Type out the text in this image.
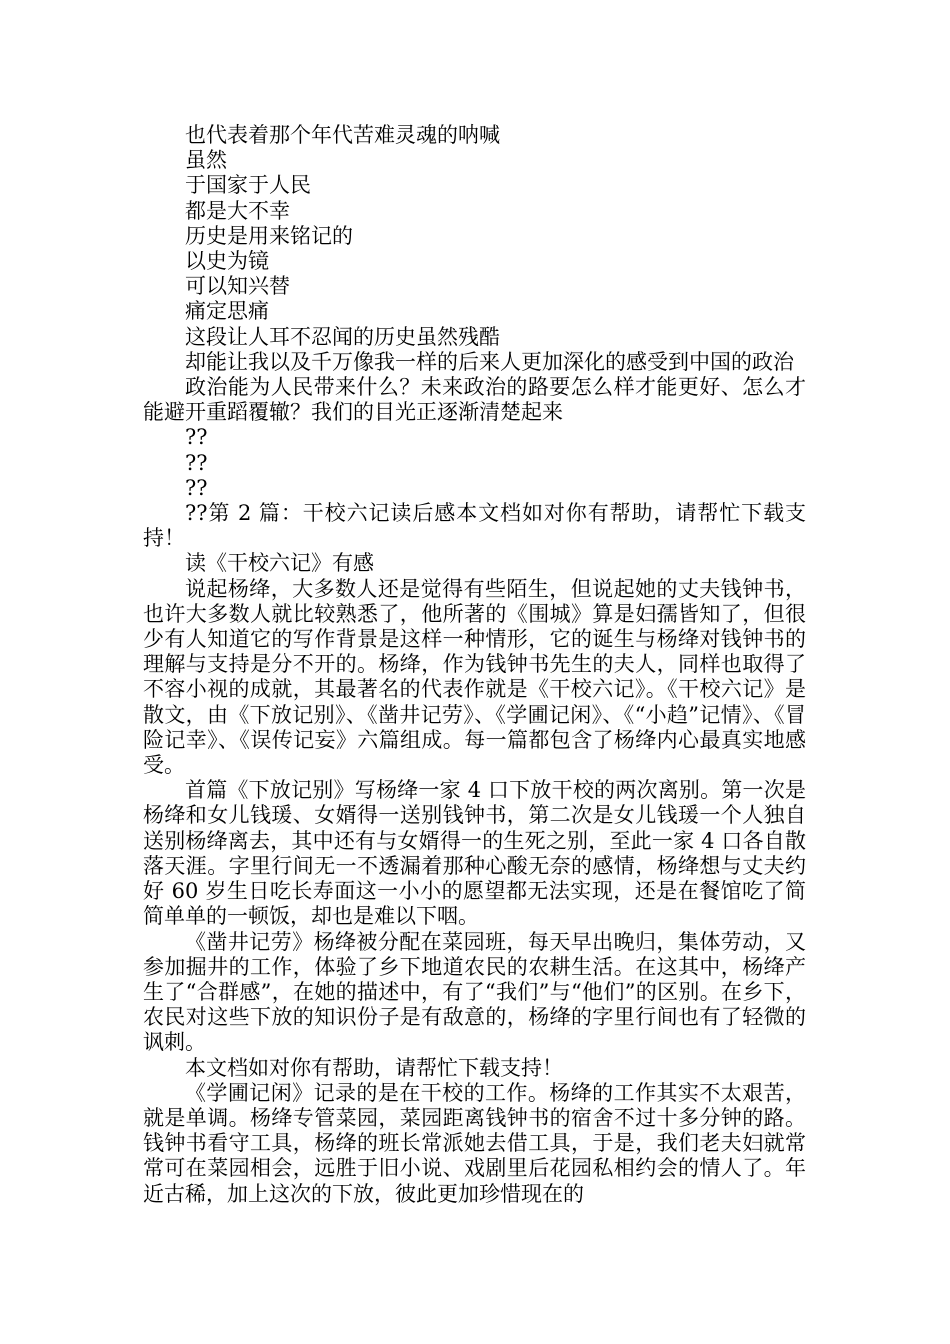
也代表着那个年代苦难灵魂的呐喊

虽然

于国家于人民

都是大不幸

历史是用来铭记的

以史为镜

可以知兴替

痛定思痛

这段让人耳不忍闻的历史虽然残酷

却能让我以及千万像我一样的后来人更加深化的感受到中国的政治

政治能为人民带来什么？未来政治的路要怎么样才能更好、怎么才能避开重蹈覆辙？我们的目光正逐渐清楚起来

??

??

??

??第 2 篇：干校六记读后感本文档如对你有帮助，请帮忙下载支持！

读《干校六记》有感

说起杨绛，大多数人还是觉得有些陌生，但说起她的丈夫钱钟书，也许大多数人就比较熟悉了，他所著的《围城》算是妇孺皆知了，但很少有人知道它的写作背景是这样一种情形，它的诞生与杨绛对钱钟书的理解与支持是分不开的。杨绛，作为钱钟书先生的夫人，同样也取得了不容小视的成就，其最著名的代表作就是《干校六记》。《干校六记》是散文，由《下放记别》、《凿井记劳》、《学圃记闲》、《“小趋”记情》、《冒险记幸》、《误传记妄》六篇组成。每一篇都包含了杨绛内心最真实地感受。

首篇《下放记别》写杨绛一家 4 口下放干校的两次离别。第一次是杨绛和女儿钱瑗、女婿得一送别钱钟书，第二次是女儿钱瑗一个人独自送别杨绛离去，其中还有与女婿得一的生死之别，至此一家 4 口各自散落天涯。字里行间无一不透漏着那种心酸无奈的感情，杨绛想与丈夫约好 60 岁生日吃长寿面这一小小的愿望都无法实现，还是在餐馆吃了简简单单的一顿饭，却也是难以下咽。

《凿井记劳》杨绛被分配在菜园班，每天早出晚归，集体劳动，又参加掘井的工作，体验了乡下地道农民的农耕生活。在这其中，杨绛产生了“合群感”，在她的描述中，有了“我们”与“他们”的区别。在乡下，农民对这些下放的知识份子是有敌意的，杨绛的字里行间也有了轻微的讽刺。

本文档如对你有帮助，请帮忙下载支持！

《学圃记闲》记录的是在干校的工作。杨绛的工作其实不太艰苦，就是单调。杨绛专管菜园，菜园距离钱钟书的宿舍不过十多分钟的路。钱钟书看守工具，杨绛的班长常派她去借工具，于是，我们老夫妇就常常可在菜园相会，远胜于旧小说、戏剧里后花园私相约会的情人了。年近古稀，加上这次的下放，彼此更加珍惜现在的
